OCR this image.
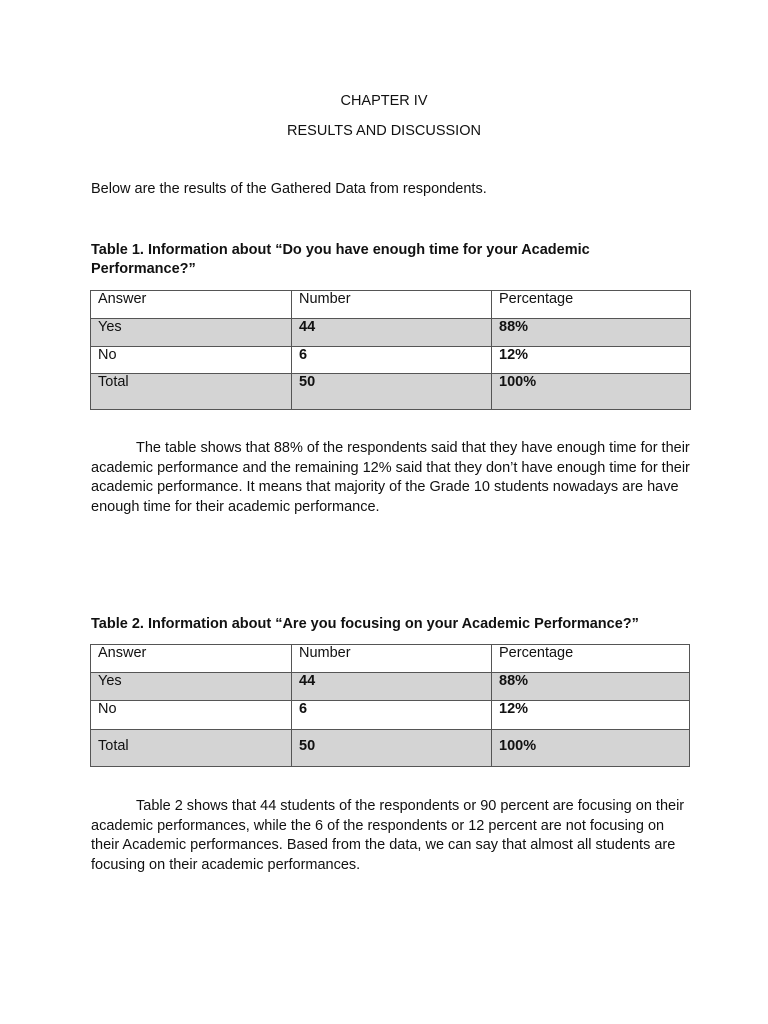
CHAPTER IV

RESULTS AND DISCUSSION

Below are the results of the Gathered Data from respondents.

Table 1. Information about “Do you have enough time for your Academic Performance?”

Answer	Number	Percentage
Yes	44	88%
No	6	12%
Total	50	100%

The table shows that 88% of the respondents said that they have enough time for their academic performance and the remaining 12% said that they don’t have enough time for their academic performance. It means that majority of the Grade 10 students nowadays are have enough time for their academic performance.

Table 2. Information about “Are you focusing on your Academic Performance?”

Answer	Number	Percentage
Yes	44	88%
No	6	12%
Total	50	100%

Table 2 shows that 44 students of the respondents or 90 percent are focusing on their academic performances, while the 6 of the respondents or 12 percent are not focusing on their Academic performances. Based from the data, we can say that almost all students are focusing on their academic performances.
